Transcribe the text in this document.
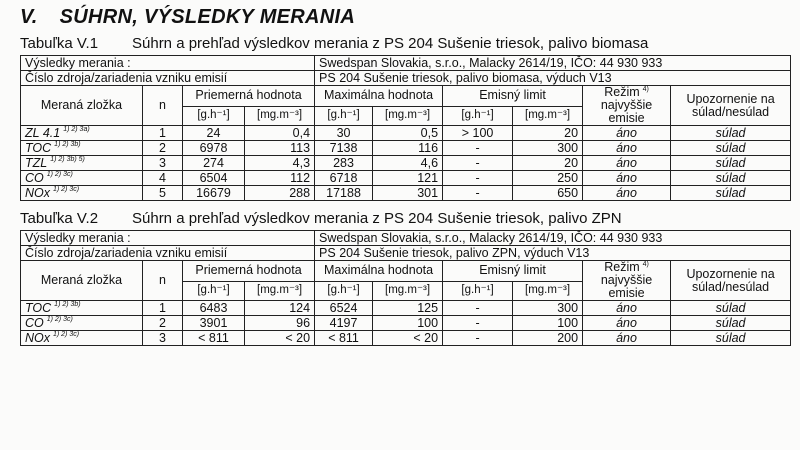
V. SÚHRN, VÝSLEDKY MERANIA
Tabuľka V.1 Súhrn a prehľad výsledkov merania z PS 204 Sušenie triesok, palivo biomasa
Výsledky merania :				Swedspan Slovakia, s.r.o., Malacky 2614/19, IČO: 44 930 933					
Číslo zdroja/zariadenia vzniku emisií				PS 204 Sušenie triesok, palivo biomasa, výduch V13					
Meraná zložka	n	Priemerná hodnota		Maximálna hodnota		Emisný limit		Režim $^{4)}$
najvyššie emisie	Upozornenie na súlad/nesúlad
		[g.h⁻¹]	[mg.m⁻³]	[g.h⁻¹]	[mg.m⁻³]	[g.h⁻¹]	[mg.m⁻³]		
ZL 4.1 $^{1) 2) 3a)}$	1	24	0,4	30	0,5	> 100	20	áno	súlad
TOC $^{1) 2) 3b)}$	2	6978	113	7138	116	-	300	áno	súlad
TZL $^{1) 2) 3b) 5)}$	3	274	4,3	283	4,6	-	20	áno	súlad
CO $^{1) 2) 3c)}$	4	6504	112	6718	121	-	250	áno	súlad
NOx $^{1) 2) 3c)}$	5	16679	288	17188	301	-	650	áno	súlad
Tabuľka V.2 Súhrn a prehľad výsledkov merania z PS 204 Sušenie triesok, palivo ZPN
Výsledky merania :				Swedspan Slovakia, s.r.o., Malacky 2614/19, IČO: 44 930 933					
Číslo zdroja/zariadenia vzniku emisií				PS 204 Sušenie triesok, palivo ZPN, výduch V13					
Meraná zložka	n	Priemerná hodnota		Maximálna hodnota		Emisný limit		Režim $^{4)}$
najvyššie emisie	Upozornenie na súlad/nesúlad
		[g.h⁻¹]	[mg.m⁻³]	[g.h⁻¹]	[mg.m⁻³]	[g.h⁻¹]	[mg.m⁻³]		
TOC $^{1) 2) 3b)}$	1	6483	124	6524	125	-	300	áno	súlad
CO $^{1) 2) 3c)}$	2	3901	96	4197	100	-	100	áno	súlad
NOx $^{1) 2) 3c)}$	3	< 811	< 20	< 811	< 20	-	200	áno	súlad
